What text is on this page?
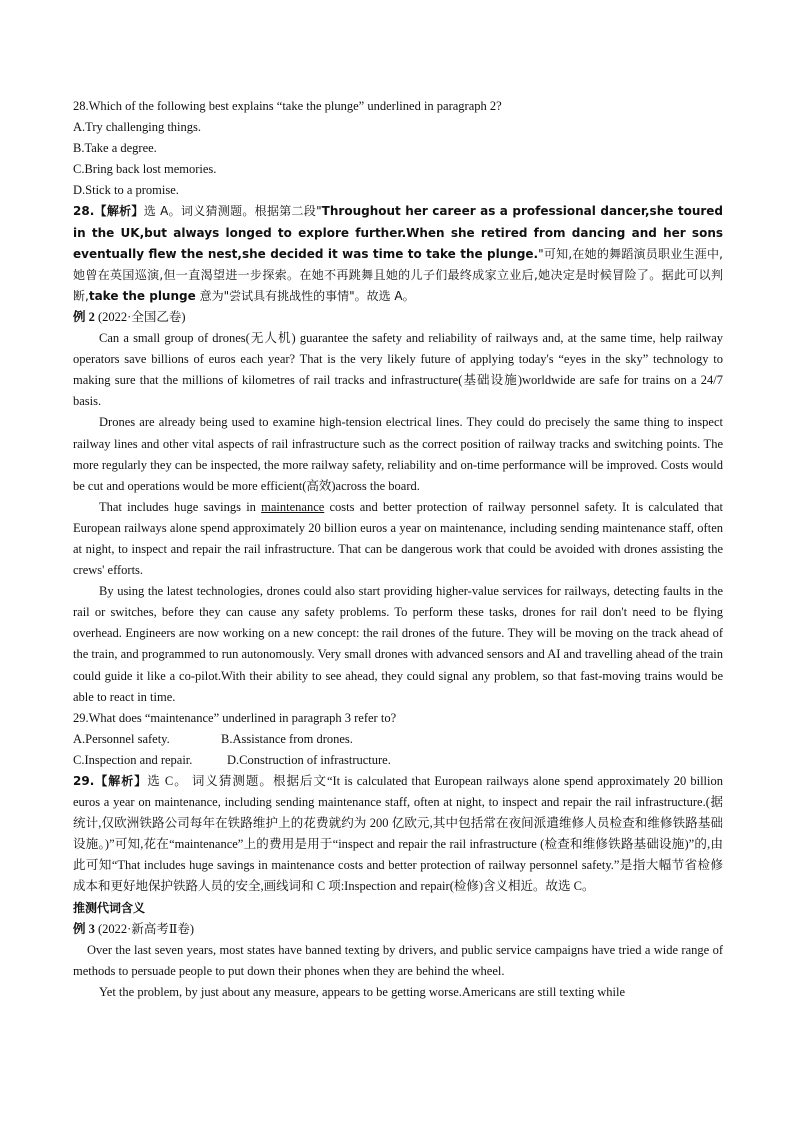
28.Which of the following best explains “take the plunge” underlined in paragraph 2?

A.Try challenging things.

B.Take a degree.

C.Bring back lost memories.

D.Stick to a promise.

28.【解析】选 A。词义猜测题。根据第二段"Throughout her career as a professional dancer,she toured in the UK,but always longed to explore further.When she retired from dancing and her sons eventually flew the nest,she decided it was time to take the plunge."可知,在她的舞蹈演员职业生涯中,她曾在英国巡演,但一直渴望进一步探索。在她不再跳舞且她的儿子们最终成家立业后,她决定是时候冒险了。据此可以判断,take the plunge 意为"尝试具有挑战性的事情"。故选 A。

例 2 (2022·全国乙卷)

Can a small group of drones(无人机) guarantee the safety and reliability of railways and, at the same time, help railway operators save billions of euros each year? That is the very likely future of applying today's “eyes in the sky” technology to making sure that the millions of kilometres of rail tracks and infrastructure(基础设施)worldwide are safe for trains on a 24/7 basis.

Drones are already being used to examine high-tension electrical lines. They could do precisely the same thing to inspect railway lines and other vital aspects of rail infrastructure such as the correct position of railway tracks and switching points. The more regularly they can be inspected, the more railway safety, reliability and on-time performance will be improved. Costs would be cut and operations would be more efficient(高效)across the board.

That includes huge savings in maintenance costs and better protection of railway personnel safety. It is calculated that European railways alone spend approximately 20 billion euros a year on maintenance, including sending maintenance staff, often at night, to inspect and repair the rail infrastructure. That can be dangerous work that could be avoided with drones assisting the crews' efforts.

By using the latest technologies, drones could also start providing higher-value services for railways, detecting faults in the rail or switches, before they can cause any safety problems. To perform these tasks, drones for rail don't need to be flying overhead. Engineers are now working on a new concept: the rail drones of the future. They will be moving on the track ahead of the train, and programmed to run autonomously. Very small drones with advanced sensors and AI and travelling ahead of the train could guide it like a co-pilot.With their ability to see ahead, they could signal any problem, so that fast-moving trains would be able to react in time.

29.What does “maintenance” underlined in paragraph 3 refer to?

A.Personnel safety.	B.Assistance from drones.

C.Inspection and repair.	D.Construction of infrastructure.

29.【解析】选 C。 词义猜测题。根据后文“It is calculated that European railways alone spend approximately 20 billion euros a year on maintenance, including sending maintenance staff, often at night, to inspect and repair the rail infrastructure.(据统计,仅欧洲铁路公司每年在铁路维护上的花费就约为 200 亿欧元,其中包括常在夜间派遣维修人员检查和维修铁路基础设施。)”可知,花在“maintenance”上的费用是用于“inspect and repair the rail infrastructure (检查和维修铁路基础设施)”的,由此可知“That includes huge savings in maintenance costs and better protection of railway personnel safety.”是指大幅节省检修成本和更好地保护铁路人员的安全,画线词和 C 项:Inspection and repair(检修)含义相近。故选 C。

推测代词含义

例 3 (2022·新高考Ⅱ卷)

Over the last seven years, most states have banned texting by drivers, and public service campaigns have tried a wide range of methods to persuade people to put down their phones when they are behind the wheel.

Yet the problem, by just about any measure, appears to be getting worse.Americans are still texting while
